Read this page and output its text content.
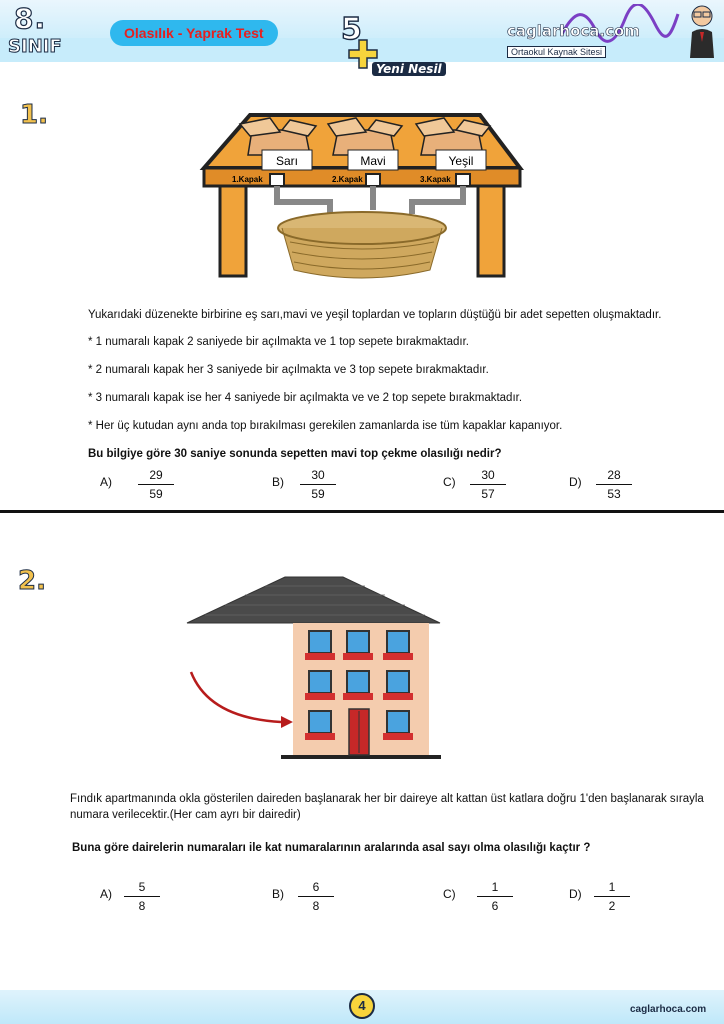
8.
SINIF
Olasılık - Yaprak Test	5	caglarhoca.com
Ortaokul Kaynak Sitesi
Yeni Nesil
1.
Sarı	Mavi	Yeşil
1.Kapak	2.Kapak	3.Kapak
Yukarıdaki düzenekte birbirine eş sarı,mavi ve yeşil toplardan ve topların düştüğü bir adet sepetten oluşmaktadır.
* 1 numaralı kapak 2 saniyede bir açılmakta ve 1 top sepete bırakmaktadır.
* 2 numaralı kapak her 3 saniyede bir açılmakta ve 3 top sepete bırakmaktadır.
* 3 numaralı kapak ise her 4 saniyede bir açılmakta ve ve 2 top sepete bırakmaktadır.
* Her üç kutudan aynı anda top bırakılması gerekilen zamanlarda ise tüm kapaklar kapanıyor.
Bu bilgiye göre 30 saniye sonunda sepetten mavi top çekme olasılığı nedir?
$A) \frac{29}{59}$	$B) \frac{30}{59}$	$C) \frac{30}{57}$	$D) \frac{28}{53}$
2.
Fındık apartmanında okla gösterilen daireden başlanarak her bir daireye alt kattan üst katlara doğru 1'den başlanarak sırayla numara verilecektir.(Her cam ayrı bir dairedir)
Buna göre dairelerin numaraları ile kat numaralarının aralarında asal sayı olma olasılığı kaçtır ?
$A) \frac{5}{8}$	$B) \frac{6}{8}$	$C) \frac{1}{6}$	$D) \frac{1}{2}$
4	caglarhoca.com
